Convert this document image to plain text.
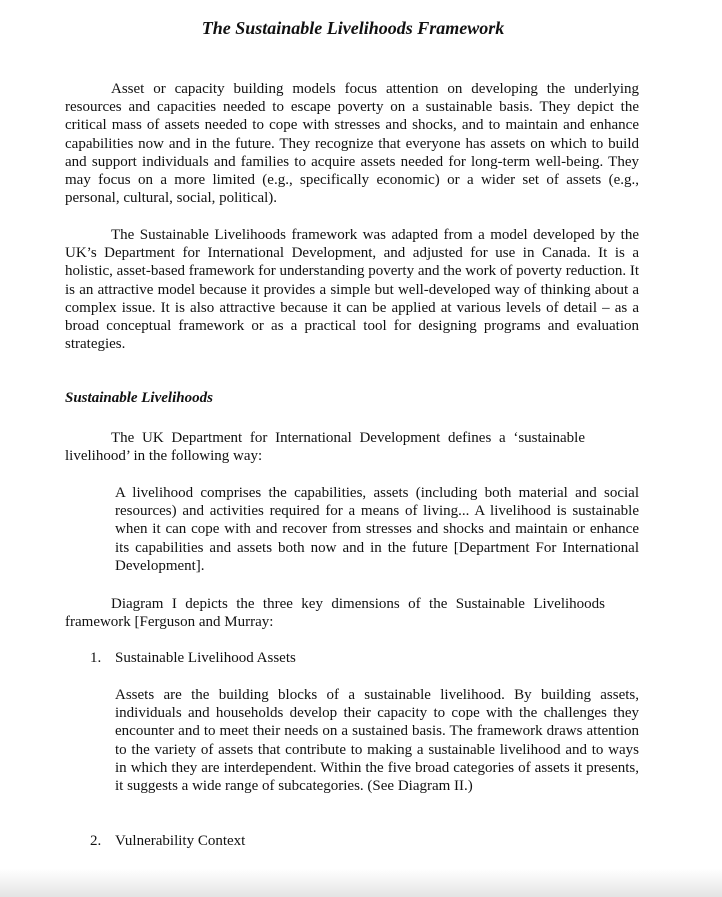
The Sustainable Livelihoods Framework

Asset or capacity building models focus attention on developing the underlying resources and capacities needed to escape poverty on a sustainable basis. They depict the critical mass of assets needed to cope with stresses and shocks, and to maintain and enhance capabilities now and in the future. They recognize that everyone has assets on which to build and support individuals and families to acquire assets needed for long-term well-being. They may focus on a more limited (e.g., specifically economic) or a wider set of assets (e.g., personal, cultural, social, political).

The Sustainable Livelihoods framework was adapted from a model developed by the UK’s Department for International Development, and adjusted for use in Canada. It is a holistic, asset-based framework for understanding poverty and the work of poverty reduction. It is an attractive model because it provides a simple but well-developed way of thinking about a complex issue. It is also attractive because it can be applied at various levels of detail – as a broad conceptual framework or as a practical tool for designing programs and evaluation strategies.

Sustainable Livelihoods

The UK Department for International Development defines a ‘sustainable livelihood’ in the following way:

A livelihood comprises the capabilities, assets (including both material and social resources) and activities required for a means of living... A livelihood is sustainable when it can cope with and recover from stresses and shocks and maintain or enhance its capabilities and assets both now and in the future [Department For International Development].

Diagram I depicts the three key dimensions of the Sustainable Livelihoods framework [Ferguson and Murray:

1. Sustainable Livelihood Assets

Assets are the building blocks of a sustainable livelihood. By building assets, individuals and households develop their capacity to cope with the challenges they encounter and to meet their needs on a sustained basis. The framework draws attention to the variety of assets that contribute to making a sustainable livelihood and to ways in which they are interdependent. Within the five broad categories of assets it presents, it suggests a wide range of subcategories. (See Diagram II.)

2. Vulnerability Context
